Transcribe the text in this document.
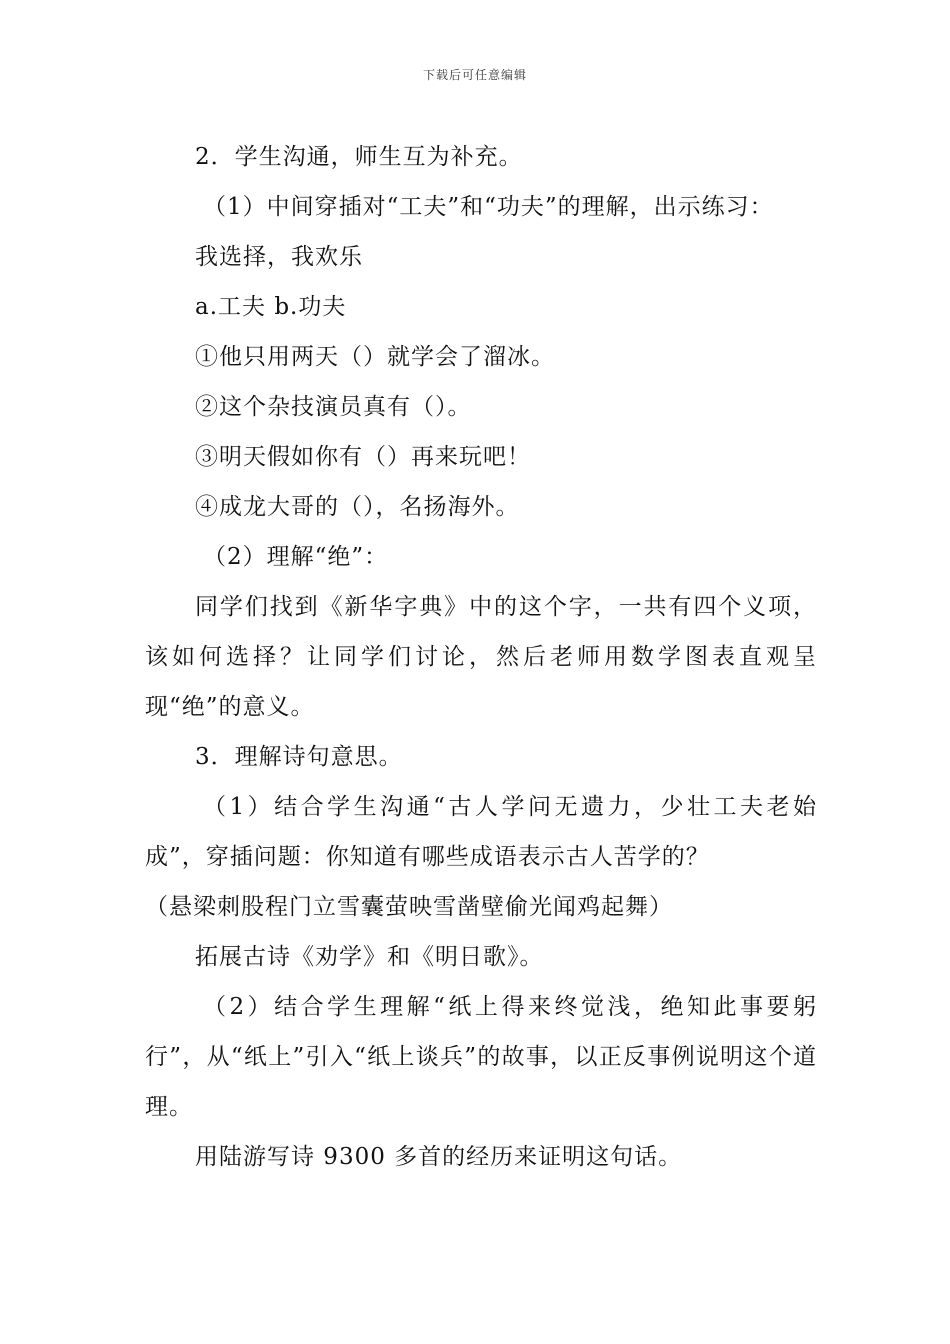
下载后可任意编辑

2．学生沟通，师生互为补充。

（1）中间穿插对“工夫”和“功夫”的理解，出示练习：

我选择，我欢乐

a.工夫 b.功夫

①他只用两天（）就学会了溜冰。

②这个杂技演员真有（）。

③明天假如你有（）再来玩吧！

④成龙大哥的（），名扬海外。

（2）理解“绝”：

同学们找到《新华字典》中的这个字，一共有四个义项，该如何选择？让同学们讨论，然后老师用数学图表直观呈现“绝”的意义。

3．理解诗句意思。

（1）结合学生沟通“古人学问无遗力，少壮工夫老始成”，穿插问题：你知道有哪些成语表示古人苦学的？

（悬梁刺股程门立雪囊萤映雪凿壁偷光闻鸡起舞）

拓展古诗《劝学》和《明日歌》。

（2）结合学生理解“纸上得来终觉浅，绝知此事要躬行”，从“纸上”引入“纸上谈兵”的故事，以正反事例说明这个道理。

用陆游写诗 9300 多首的经历来证明这句话。
